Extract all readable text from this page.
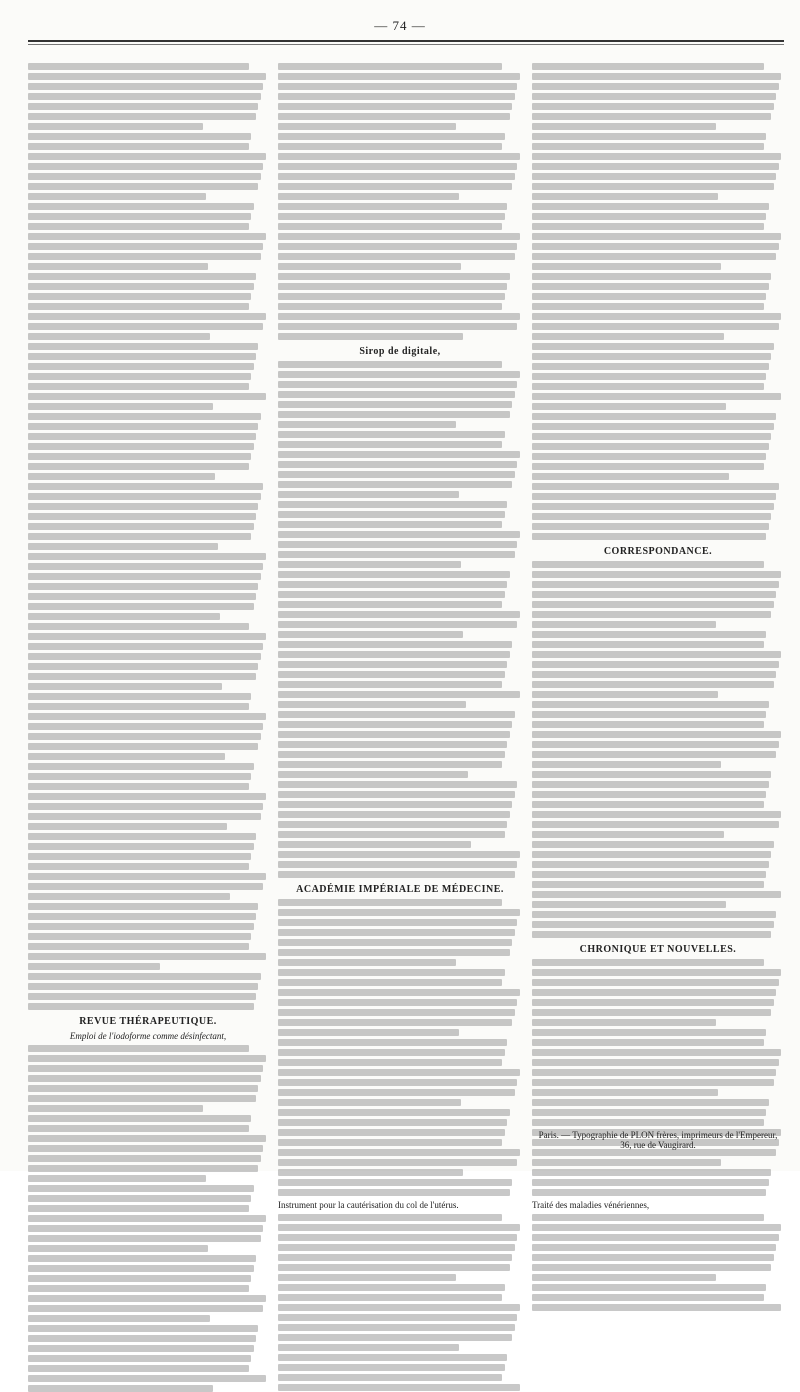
— 74 —
REVUE THÉRAPEUTIQUE.
Emploi de l'iodoforme comme désinfectant,
Sirop de digitale,
ACADÉMIE IMPÉRIALE DE MÉDECINE.
Instrument pour la cautérisation du col de l'utérus.
CORRESPONDANCE.
CHRONIQUE ET NOUVELLES.
Traité des maladies vénériennes,
Paris. — Typographie de PLON frères, imprimeurs de l'Empereur, 36, rue de Vaugirard.
